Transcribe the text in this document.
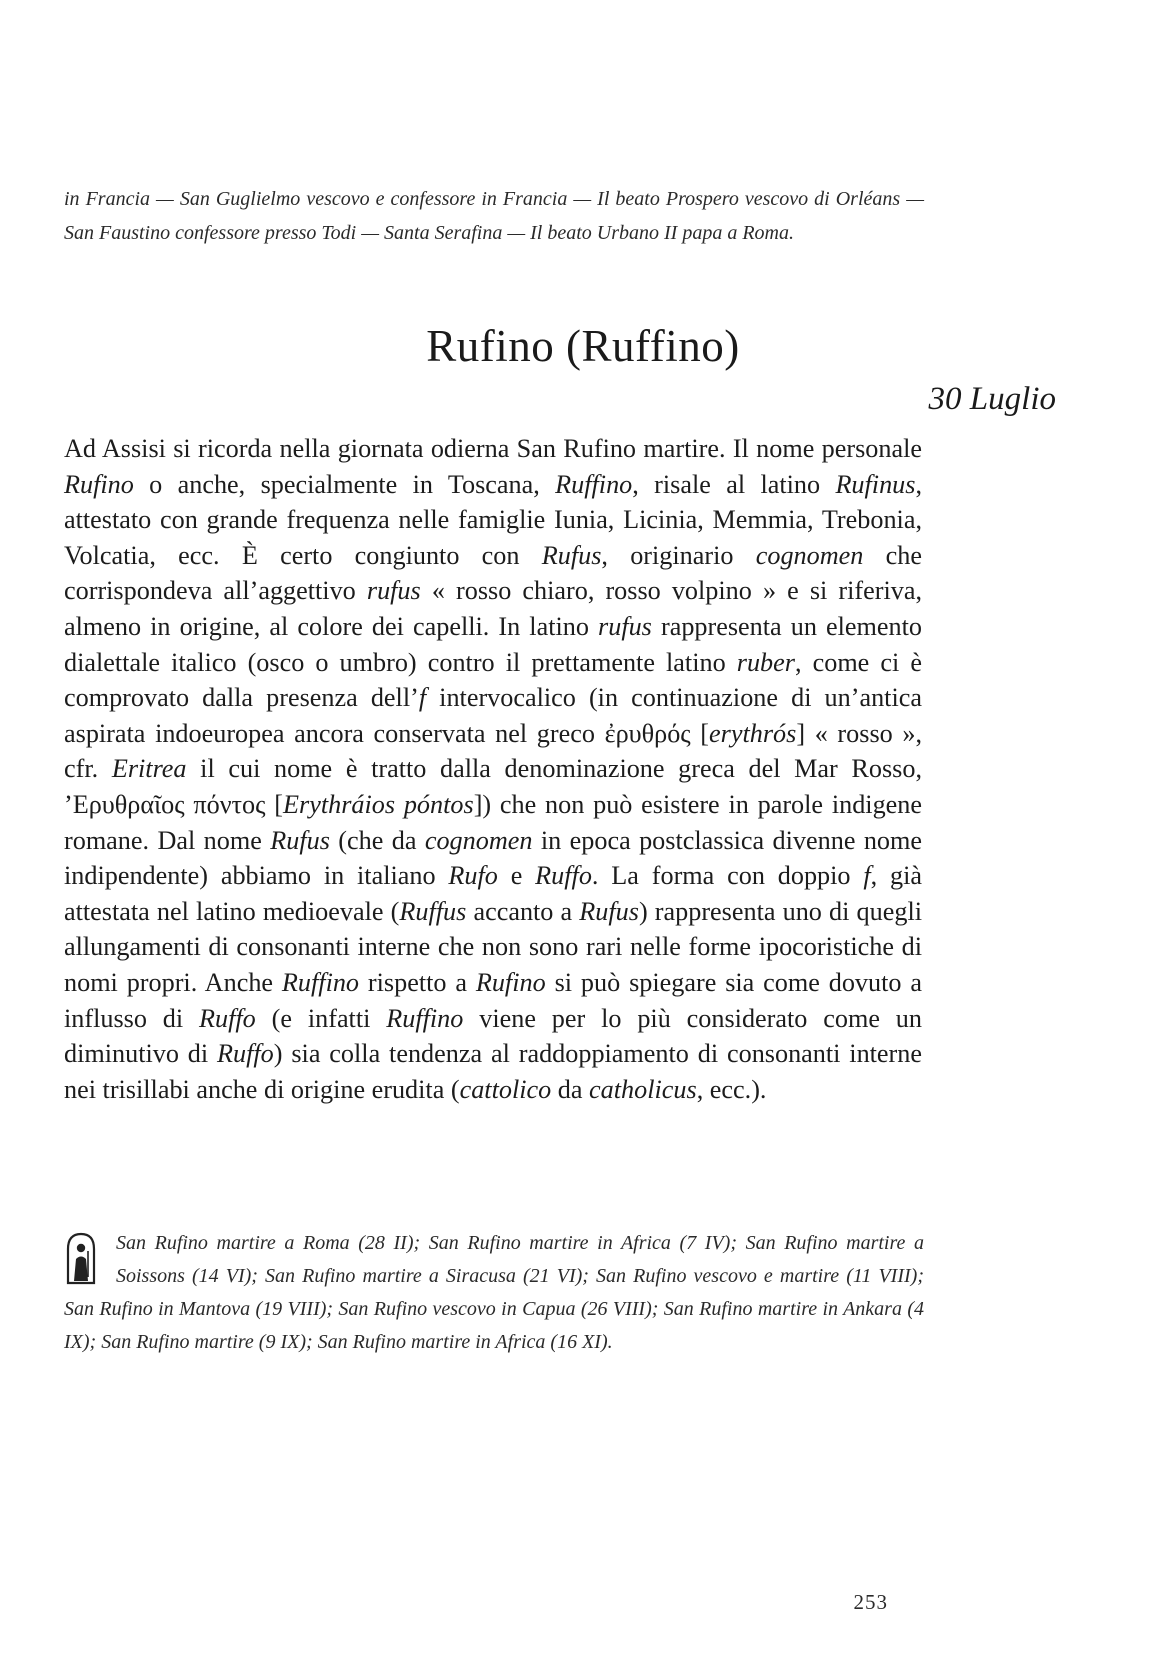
in Francia — San Guglielmo vescovo e confessore in Francia — Il beato Prospero vescovo di Orléans — San Faustino confessore presso Todi — Santa Serafina — Il beato Urbano II papa a Roma.
Rufino (Ruffino)
30 Luglio
Ad Assisi si ricorda nella giornata odierna San Rufino martire. Il nome personale Rufino o anche, specialmente in Toscana, Ruffino, risale al latino Rufinus, attestato con grande frequenza nelle famiglie Iunia, Licinia, Memmia, Trebonia, Volcatia, ecc. È certo congiunto con Rufus, originario cognomen che corrispondeva all’aggettivo rufus « rosso chiaro, rosso volpino » e si riferiva, almeno in origine, al colore dei capelli. In latino rufus rappresenta un elemento dialettale italico (osco o umbro) contro il prettamente latino ruber, come ci è comprovato dalla presenza dell’f intervocalico (in continuazione di un’antica aspirata indoeuropea ancora conservata nel greco ἐρυθρός [erythrós] « rosso », cfr. Eritrea il cui nome è tratto dalla denominazione greca del Mar Rosso, ’Ερυθραῖος πόντος [Erythráios póntos]) che non può esistere in parole indigene romane. Dal nome Rufus (che da cognomen in epoca postclassica divenne nome indipendente) abbiamo in italiano Rufo e Ruffo. La forma con doppio f, già attestata nel latino medioevale (Ruffus accanto a Rufus) rappresenta uno di quegli allungamenti di consonanti interne che non sono rari nelle forme ipocoristiche di nomi propri. Anche Ruffino rispetto a Rufino si può spiegare sia come dovuto a influsso di Ruffo (e infatti Ruffino viene per lo più considerato come un diminutivo di Ruffo) sia colla tendenza al raddoppiamento di consonanti interne nei trisillabi anche di origine erudita (cattolico da catholicus, ecc.).
San Rufino martire a Roma (28 II); San Rufino martire in Africa (7 IV); San Rufino martire a Soissons (14 VI); San Rufino martire a Siracusa (21 VI); San Rufino vescovo e martire (11 VIII); San Rufino in Mantova (19 VIII); San Rufino vescovo in Capua (26 VIII); San Rufino martire in Ankara (4 IX); San Rufino martire (9 IX); San Rufino martire in Africa (16 XI).
253
